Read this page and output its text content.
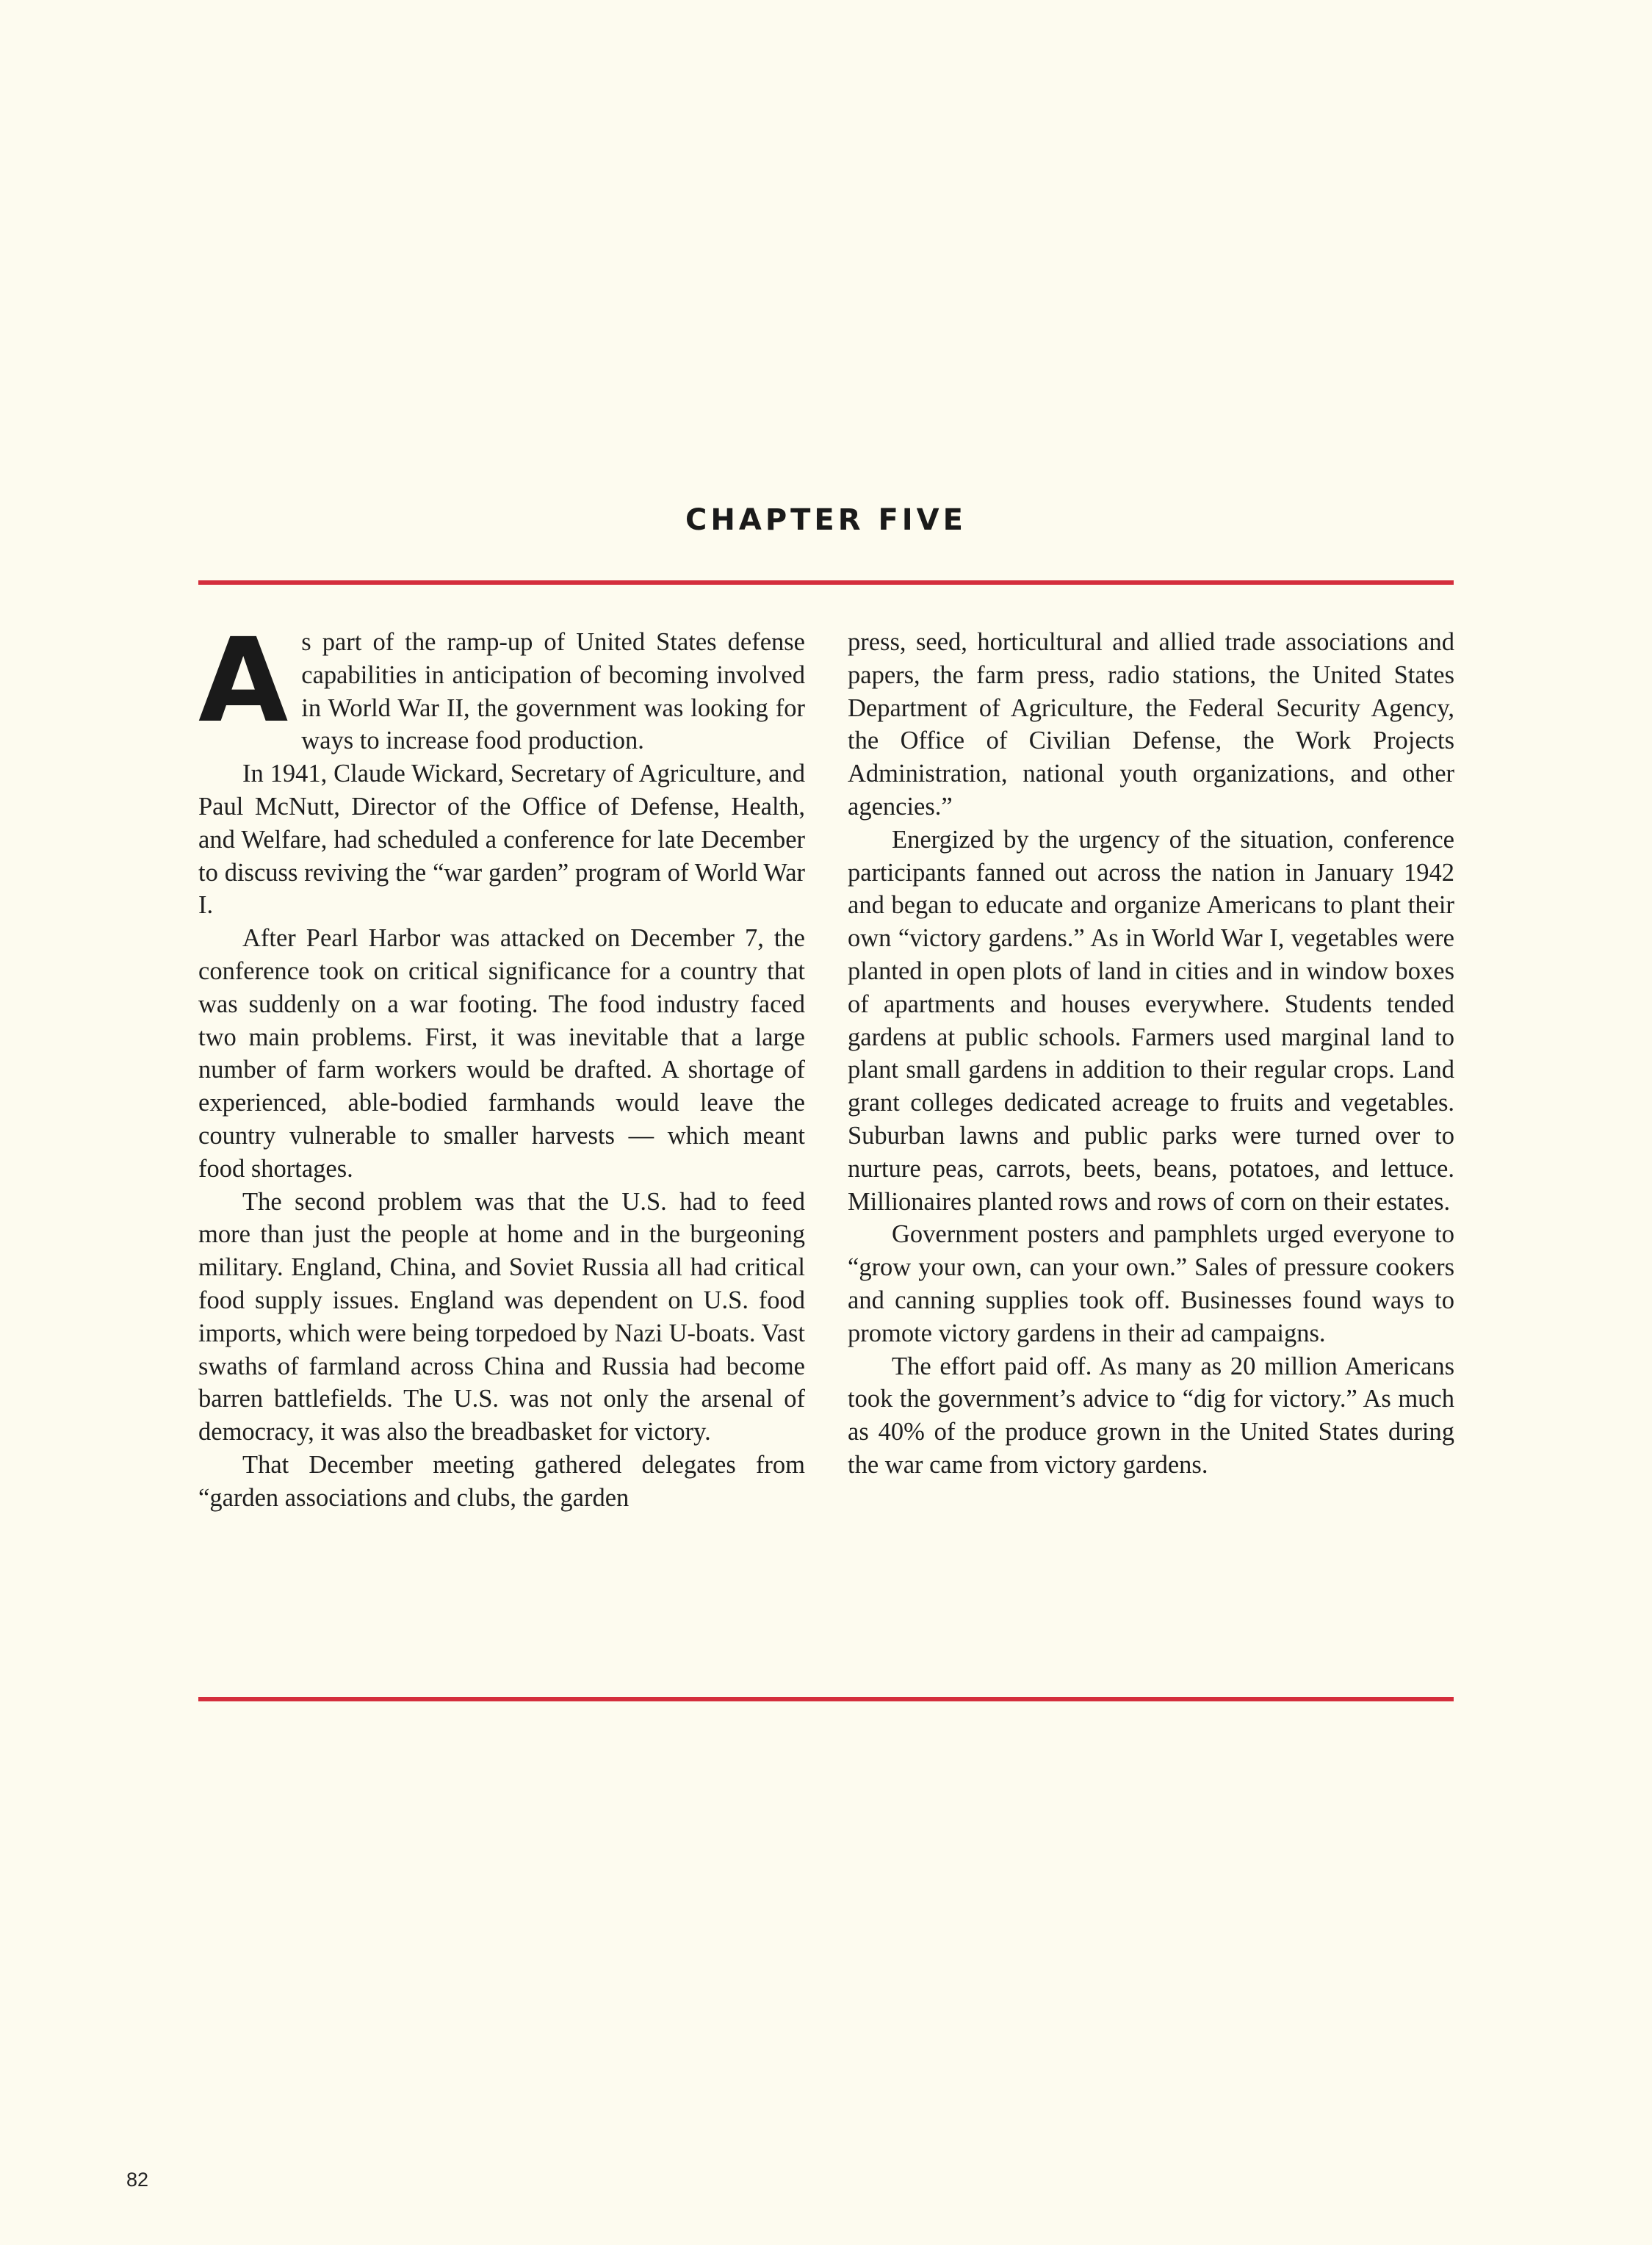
CHAPTER FIVE

As part of the ramp-up of United States defense capabilities in anticipation of becoming involved in World War II, the government was looking for ways to increase food production.

In 1941, Claude Wickard, Secretary of Agriculture, and Paul McNutt, Director of the Office of Defense, Health, and Welfare, had scheduled a conference for late December to discuss reviving the “war garden” program of World War I.

After Pearl Harbor was attacked on December 7, the conference took on critical significance for a country that was suddenly on a war footing. The food industry faced two main problems. First, it was inevitable that a large number of farm workers would be drafted. A shortage of experienced, able-bodied farmhands would leave the country vulnerable to smaller harvests — which meant food shortages.

The second problem was that the U.S. had to feed more than just the people at home and in the burgeoning military. England, China, and Soviet Russia all had critical food supply issues. England was dependent on U.S. food imports, which were being torpedoed by Nazi U-boats. Vast swaths of farmland across China and Russia had become barren battlefields. The U.S. was not only the arsenal of democracy, it was also the breadbasket for victory.

That December meeting gathered delegates from “garden associations and clubs, the garden

press, seed, horticultural and allied trade associations and papers, the farm press, radio stations, the United States Department of Agriculture, the Federal Security Agency, the Office of Civilian Defense, the Work Projects Administration, national youth organizations, and other agencies.”

Energized by the urgency of the situation, conference participants fanned out across the nation in January 1942 and began to educate and organize Americans to plant their own “victory gardens.” As in World War I, vegetables were planted in open plots of land in cities and in window boxes of apartments and houses everywhere. Students tended gardens at public schools. Farmers used marginal land to plant small gardens in addition to their regular crops. Land grant colleges dedicated acreage to fruits and vegetables. Suburban lawns and public parks were turned over to nurture peas, carrots, beets, beans, potatoes, and lettuce. Millionaires planted rows and rows of corn on their estates.

Government posters and pamphlets urged everyone to “grow your own, can your own.” Sales of pressure cookers and canning supplies took off. Businesses found ways to promote victory gardens in their ad campaigns.

The effort paid off. As many as 20 million Americans took the government’s advice to “dig for victory.” As much as 40% of the produce grown in the United States during the war came from victory gardens.

82
